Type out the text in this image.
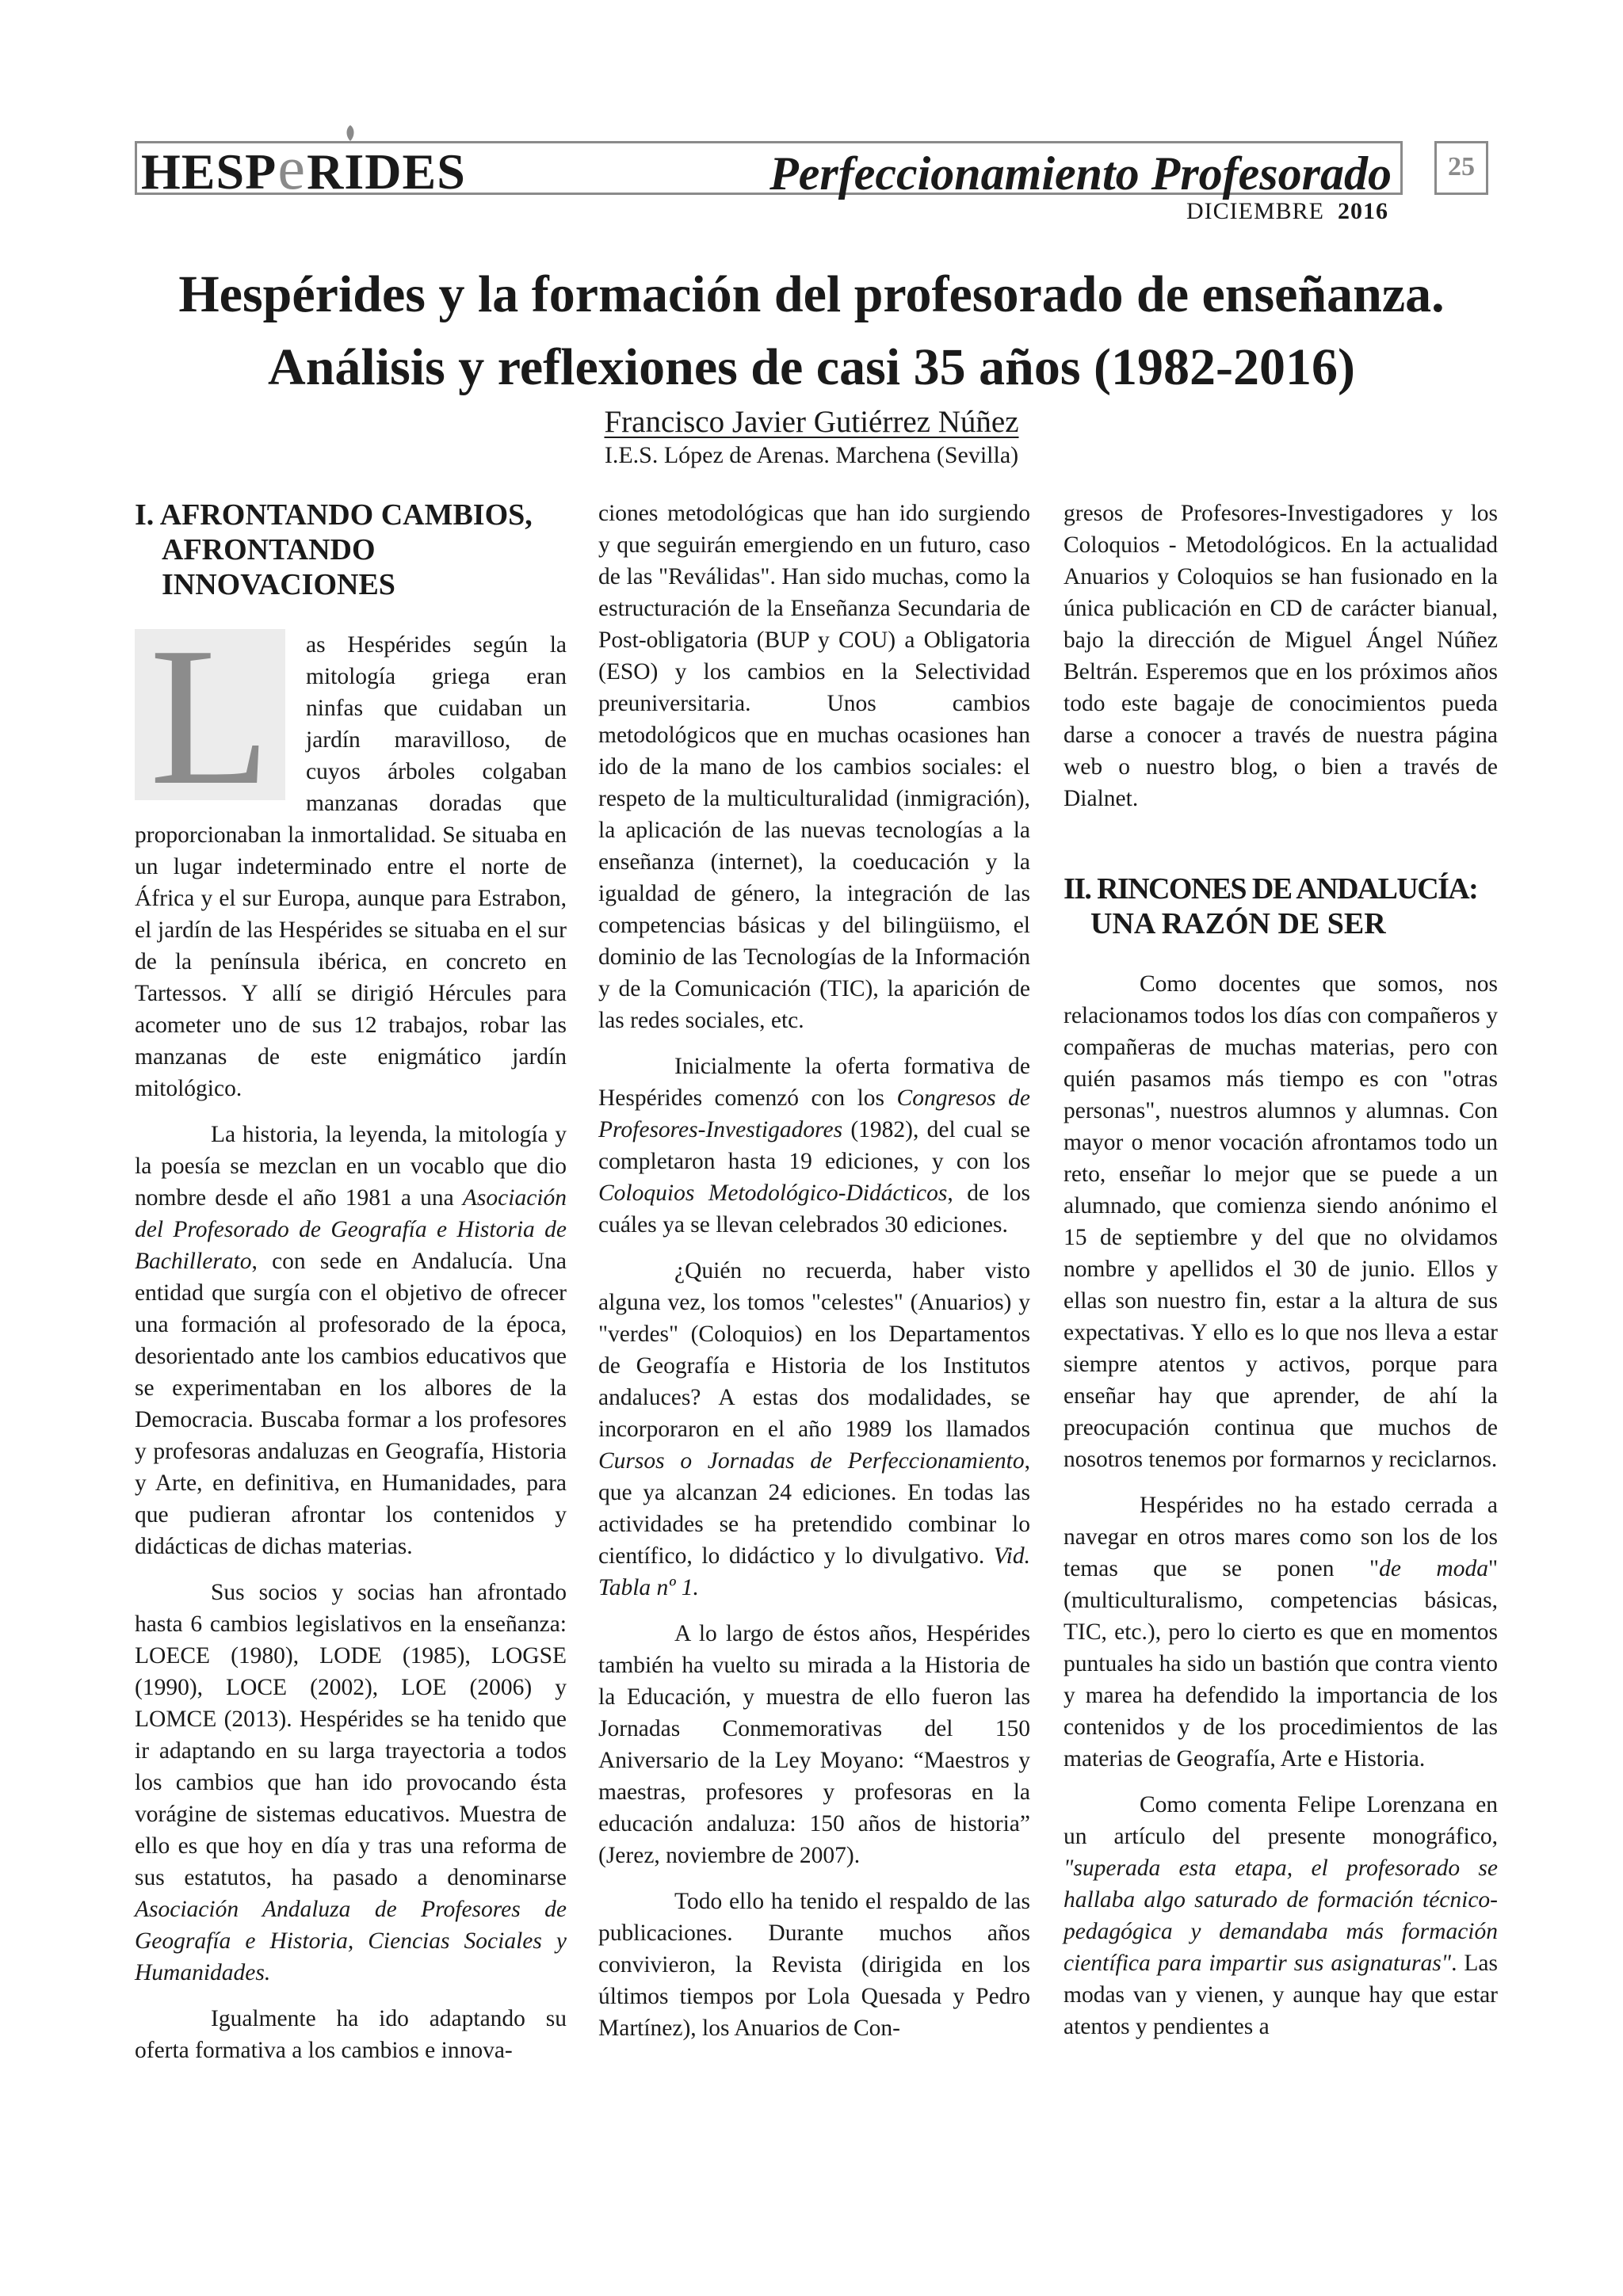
HESPeRIDES	Perfeccionamiento Profesorado	25
DICIEMBRE 2016
Hespérides y la formación del profesorado de enseñanza.
Análisis y reflexiones de casi 35 años (1982-2016)
Francisco Javier Gutiérrez Núñez
I.E.S. López de Arenas. Marchena (Sevilla)
I. AFRONTANDO CAMBIOS, AFRONTANDO INNOVACIONES

L	as Hespérides según la mitología griega eran ninfas que cuidaban un jardín maravilloso, de cuyos árboles colgaban manzanas doradas que proporcionaban la inmortalidad. Se situaba en un lugar indeterminado entre el norte de África y el sur Europa, aunque para Estrabon, el jardín de las Hespérides se situaba en el sur de la península ibérica, en concreto en Tartessos. Y allí se dirigió Hércules para acometer uno de sus 12 trabajos, robar las manzanas de este enigmático jardín mitológico.

La historia, la leyenda, la mitología y la poesía se mezclan en un vocablo que dio nombre desde el año 1981 a una Asociación del Profesorado de Geografía e Historia de Bachillerato, con sede en Andalucía. Una entidad que surgía con el objetivo de ofrecer una formación al profesorado de la época, desorientado ante los cambios educativos que se experimentaban en los albores de la Democracia. Buscaba formar a los profesores y profesoras andaluzas en Geografía, Historia y Arte, en definitiva, en Humanidades, para que pudieran afrontar los contenidos y didácticas de dichas materias.

Sus socios y socias han afrontado hasta 6 cambios legislativos en la enseñanza: LOECE (1980), LODE (1985), LOGSE (1990), LOCE (2002), LOE (2006) y LOMCE (2013). Hespérides se ha tenido que ir adaptando en su larga trayectoria a todos los cambios que han ido provocando ésta vorágine de sistemas educativos. Muestra de ello es que hoy en día y tras una reforma de sus estatutos, ha pasado a denominarse Asociación Andaluza de Profesores de Geografía e Historia, Ciencias Sociales y Humanidades.

Igualmente ha ido adaptando su oferta formativa a los cambios e innova-

ciones metodológicas que han ido surgiendo y que seguirán emergiendo en un futuro, caso de las "Reválidas". Han sido muchas, como la estructuración de la Enseñanza Secundaria de Post-obligatoria (BUP y COU) a Obligatoria (ESO) y los cambios en la Selectividad preuniversitaria. Unos cambios metodológicos que en muchas ocasiones han ido de la mano de los cambios sociales: el respeto de la multiculturalidad (inmigración), la aplicación de las nuevas tecnologías a la enseñanza (internet), la coeducación y la igualdad de género, la integración de las competencias básicas y del bilingüismo, el dominio de las Tecnologías de la Información y de la Comunicación (TIC), la aparición de las redes sociales, etc.

Inicialmente la oferta formativa de Hespérides comenzó con los Congresos de Profesores-Investigadores (1982), del cual se completaron hasta 19 ediciones, y con los Coloquios Metodológico-Didácticos, de los cuáles ya se llevan celebrados 30 ediciones.

¿Quién no recuerda, haber visto alguna vez, los tomos "celestes" (Anuarios) y "verdes" (Coloquios) en los Departamentos de Geografía e Historia de los Institutos andaluces? A estas dos modalidades, se incorporaron en el año 1989 los llamados Cursos o Jornadas de Perfeccionamiento, que ya alcanzan 24 ediciones. En todas las actividades se ha pretendido combinar lo científico, lo didáctico y lo divulgativo. Vid. Tabla nº 1.

A lo largo de éstos años, Hespérides también ha vuelto su mirada a la Historia de la Educación, y muestra de ello fueron las Jornadas Conmemorativas del 150 Aniversario de la Ley Moyano: “Maestros y maestras, profesores y profesoras en la educación andaluza: 150 años de historia” (Jerez, noviembre de 2007).

Todo ello ha tenido el respaldo de las publicaciones. Durante muchos años convivieron, la Revista (dirigida en los últimos tiempos por Lola Quesada y Pedro Martínez), los Anuarios de Con-

gresos de Profesores-Investigadores y los Coloquios - Metodológicos. En la actualidad Anuarios y Coloquios se han fusionado en la única publicación en CD de carácter bianual, bajo la dirección de Miguel Ángel Núñez Beltrán. Esperemos que en los próximos años todo este bagaje de conocimientos pueda darse a conocer a través de nuestra página web o nuestro blog, o bien a través de Dialnet.

II. RINCONES DE ANDALUCÍA:
UNA RAZÓN DE SER

Como docentes que somos, nos relacionamos todos los días con compañeros y compañeras de muchas materias, pero con quién pasamos más tiempo es con "otras personas", nuestros alumnos y alumnas. Con mayor o menor vocación afrontamos todo un reto, enseñar lo mejor que se puede a un alumnado, que comienza siendo anónimo el 15 de septiembre y del que no olvidamos nombre y apellidos el 30 de junio. Ellos y ellas son nuestro fin, estar a la altura de sus expectativas. Y ello es lo que nos lleva a estar siempre atentos y activos, porque para enseñar hay que aprender, de ahí la preocupación continua que muchos de nosotros tenemos por formarnos y reciclarnos.

Hespérides no ha estado cerrada a navegar en otros mares como son los de los temas que se ponen "de moda" (multiculturalismo, competencias básicas, TIC, etc.), pero lo cierto es que en momentos puntuales ha sido un bastión que contra viento y marea ha defendido la importancia de los contenidos y de los procedimientos de las materias de Geografía, Arte e Historia.

Como comenta Felipe Lorenzana en un artículo del presente monográfico, "superada esta etapa, el profesorado se hallaba algo saturado de formación técnico-pedagógica y demandaba más formación científica para impartir sus asignaturas". Las modas van y vienen, y aunque hay que estar atentos y pendientes a
